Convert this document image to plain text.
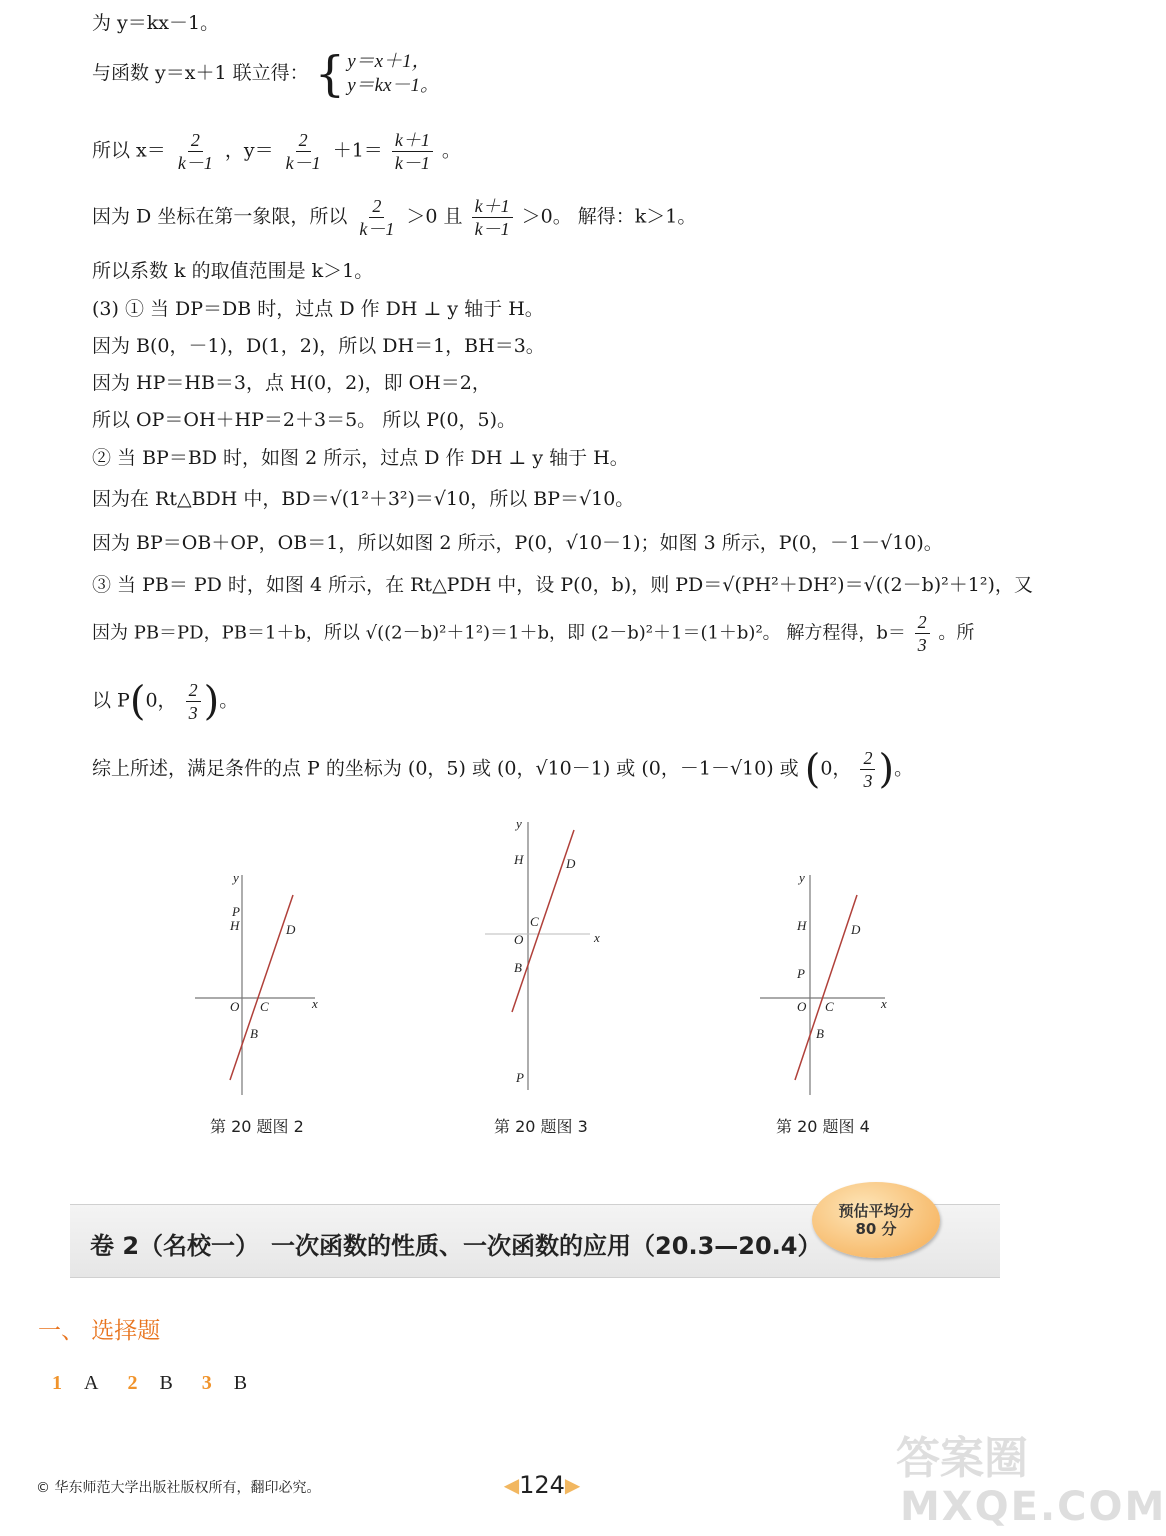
为 y＝kx－1。
与函数 y＝x＋1 联立得： { y＝x＋1，
y＝kx－1。
所以 $x= \frac{2}{k-1}$ ，$y= \frac{2}{k-1} +1= \frac{k+1}{k-1}$ 。
因为 D 坐标在第一象限，所以 $\frac{2}{k-1} >0$ 且 $\frac{k+1}{k-1} >0$。 解得：k＞1。
所以系数 k 的取值范围是 k＞1。
(3) ① 当 DP＝DB 时，过点 D 作 DH ⊥ y 轴于 H。
因为 B(0，－1)，D(1，2)，所以 DH＝1，BH＝3。
因为 HP＝HB＝3，点 H(0，2)，即 OH＝2，
所以 OP＝OH＋HP＝2＋3＝5。 所以 P(0，5)。
② 当 BP＝BD 时，如图 2 所示，过点 D 作 DH ⊥ y 轴于 H。
因为在 Rt△BDH 中，BD＝√(1²＋3²)＝√10，所以 BP＝√10。
因为 BP＝OB＋OP，OB＝1，所以如图 2 所示，P(0，√10－1)；如图 3 所示，P(0，－1－√10)。
③ 当 PB＝ PD 时，如图 4 所示，在 Rt△PDH 中，设 P(0，b)，则 PD＝√(PH²＋DH²)＝√((2－b)²＋1²)，又
因为 PB＝PD，PB＝1＋b，所以 √((2－b)²＋1²)＝1＋b，即 (2－b)²＋1＝(1＋b)²。 解方程得，$b= \frac{2}{3}$ 。所
以 P(0， $\frac{2}{3}$ )。
综上所述，满足条件的点 P 的坐标为 (0，5) 或 (0，√10－1) 或 (0，－1－√10) 或 (0， $\frac{2}{3}$ )。
y
x
P
H	D
O C
B
第 20 题图 2
y
x
H	D
C
O
B
P
第 20 题图 3
y
x
H	D
P
O C
B
第 20 题图 4
卷 2（名校一）　一次函数的性质、一次函数的应用（20.3—20.4）
预估平均分
80 分
一、 选择题
1 A 2 B 3 B
© 华东师范大学出版社版权所有，翻印必究。	◀ 124 ▶
答案圈
MXQE.COM
